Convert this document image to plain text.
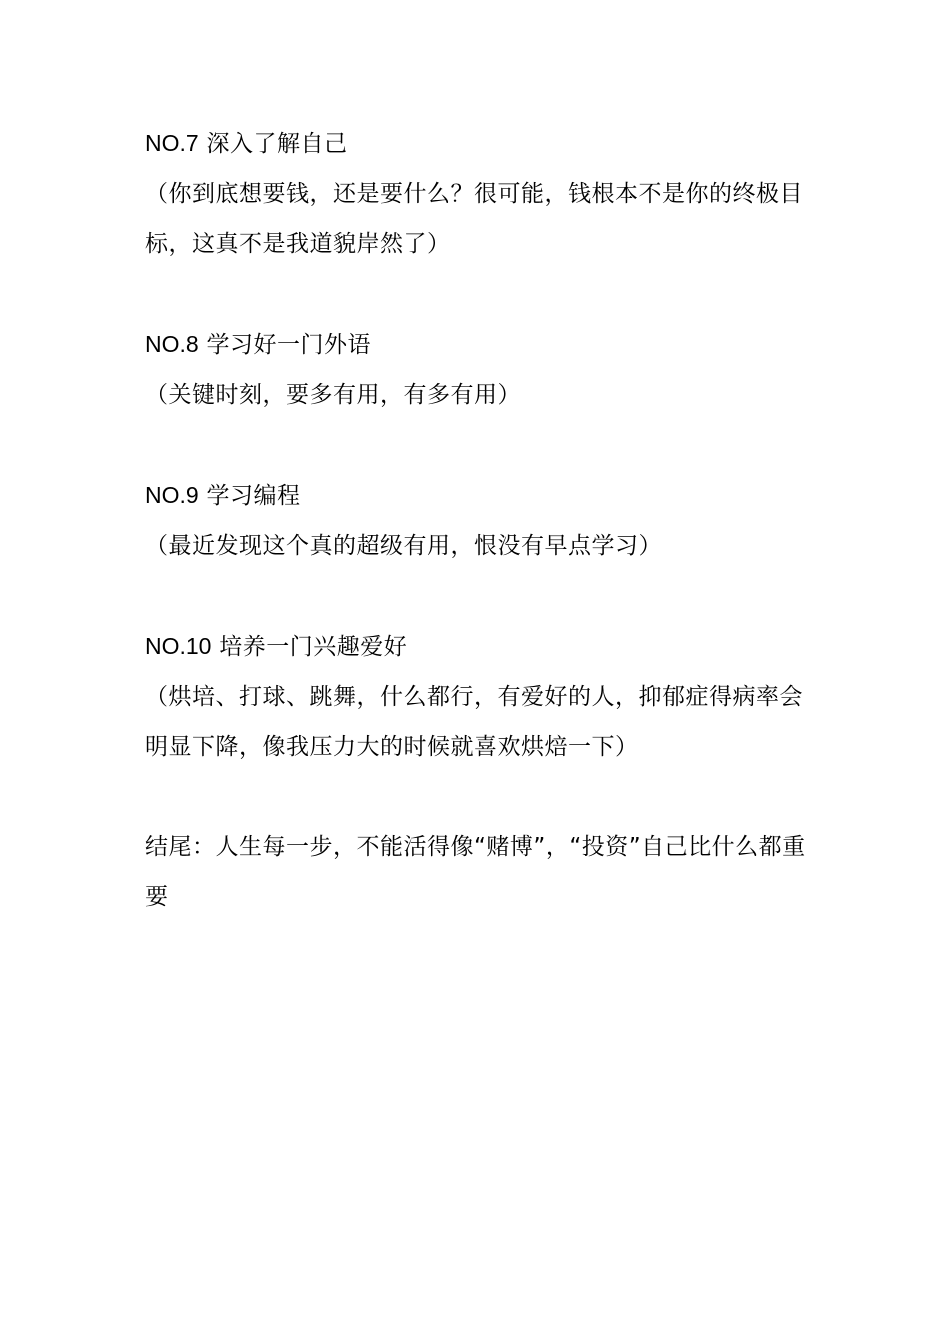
NO.7 深入了解自己

（你到底想要钱，还是要什么？很可能，钱根本不是你的终极目标，这真不是我道貌岸然了）

NO.8 学习好一门外语

（关键时刻，要多有用，有多有用）

NO.9 学习编程

（最近发现这个真的超级有用，恨没有早点学习）

NO.10 培养一门兴趣爱好

（烘培、打球、跳舞，什么都行，有爱好的人，抑郁症得病率会明显下降，像我压力大的时候就喜欢烘焙一下）

结尾：人生每一步，不能活得像“赌博”，“投资”自己比什么都重要
